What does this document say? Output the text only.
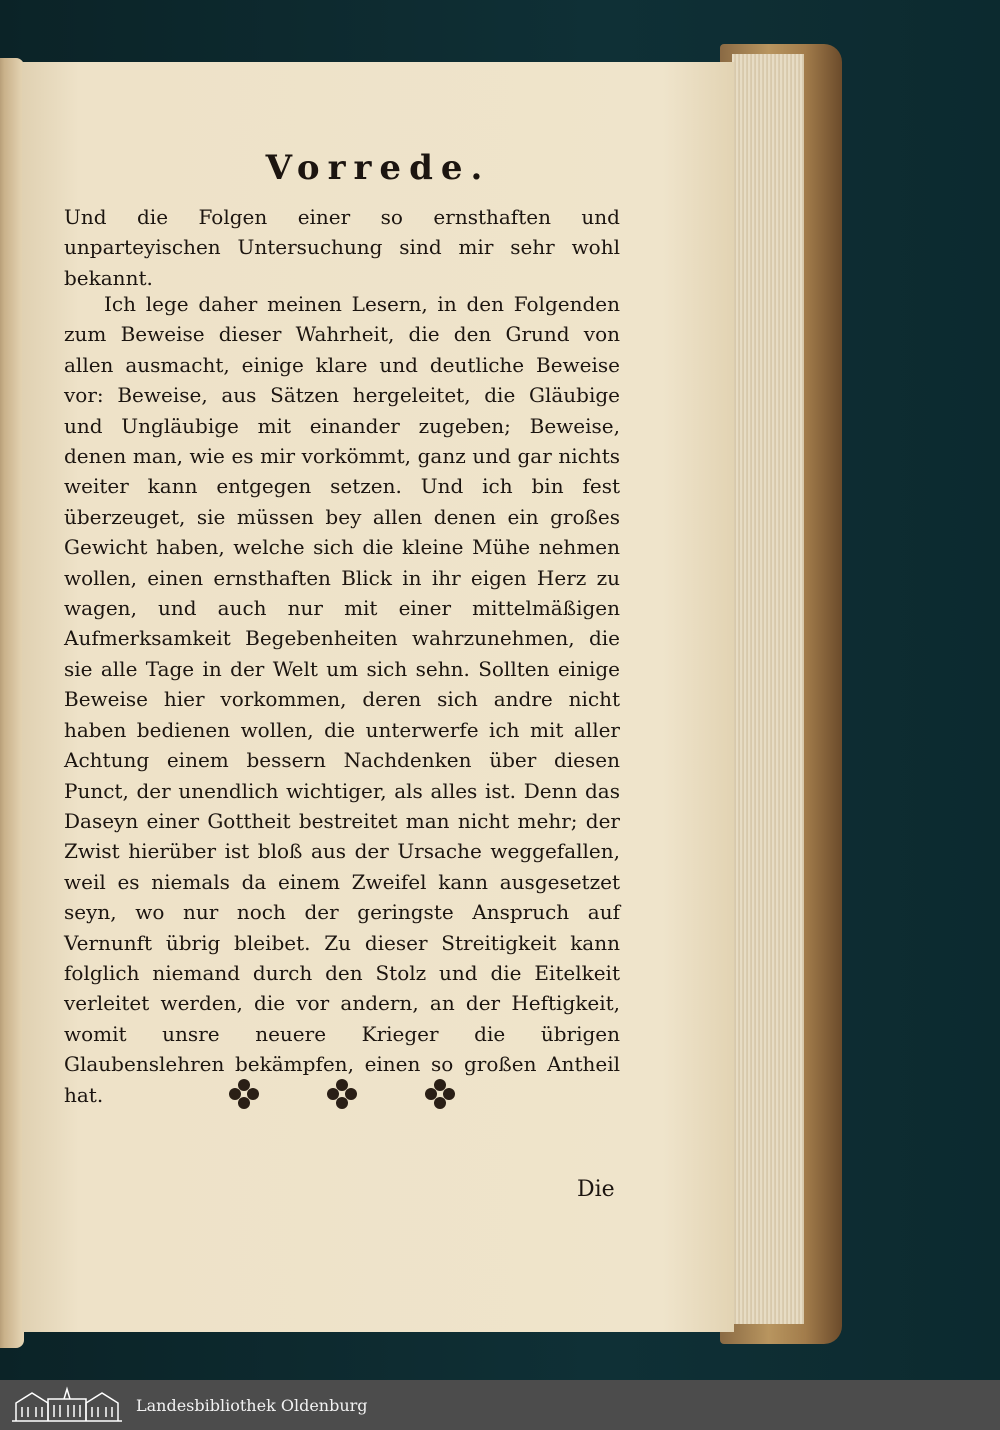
Vorrede.
Und die Folgen einer so ernsthaften und unparteyischen Untersuchung sind mir sehr wohl bekannt.
Ich lege daher meinen Lesern, in den Folgenden zum Beweise dieser Wahrheit, die den Grund von allen ausmacht, einige klare und deutliche Beweise vor: Beweise, aus Sätzen hergeleitet, die Gläubige und Ungläubige mit einander zugeben; Beweise, denen man, wie es mir vorkömmt, ganz und gar nichts weiter kann entgegen setzen. Und ich bin fest überzeuget, sie müssen bey allen denen ein großes Gewicht haben, welche sich die kleine Mühe nehmen wollen, einen ernsthaften Blick in ihr eigen Herz zu wagen, und auch nur mit einer mittelmäßigen Aufmerksamkeit Begebenheiten wahrzunehmen, die sie alle Tage in der Welt um sich sehn. Sollten einige Beweise hier vorkommen, deren sich andre nicht haben bedienen wollen, die unterwerfe ich mit aller Achtung einem bessern Nachdenken über diesen Punct, der unendlich wichtiger, als alles ist. Denn das Daseyn einer Gottheit bestreitet man nicht mehr; der Zwist hierüber ist bloß aus der Ursache weggefallen, weil es niemals da einem Zweifel kann ausgesetzet seyn, wo nur noch der geringste Anspruch auf Vernunft übrig bleibet. Zu dieser Streitigkeit kann folglich niemand durch den Stolz und die Eitelkeit verleitet werden, die vor andern, an der Heftigkeit, womit unsre neuere Krieger die übrigen Glaubenslehren bekämpfen, einen so großen Antheil hat.
Die
Landesbibliothek Oldenburg
